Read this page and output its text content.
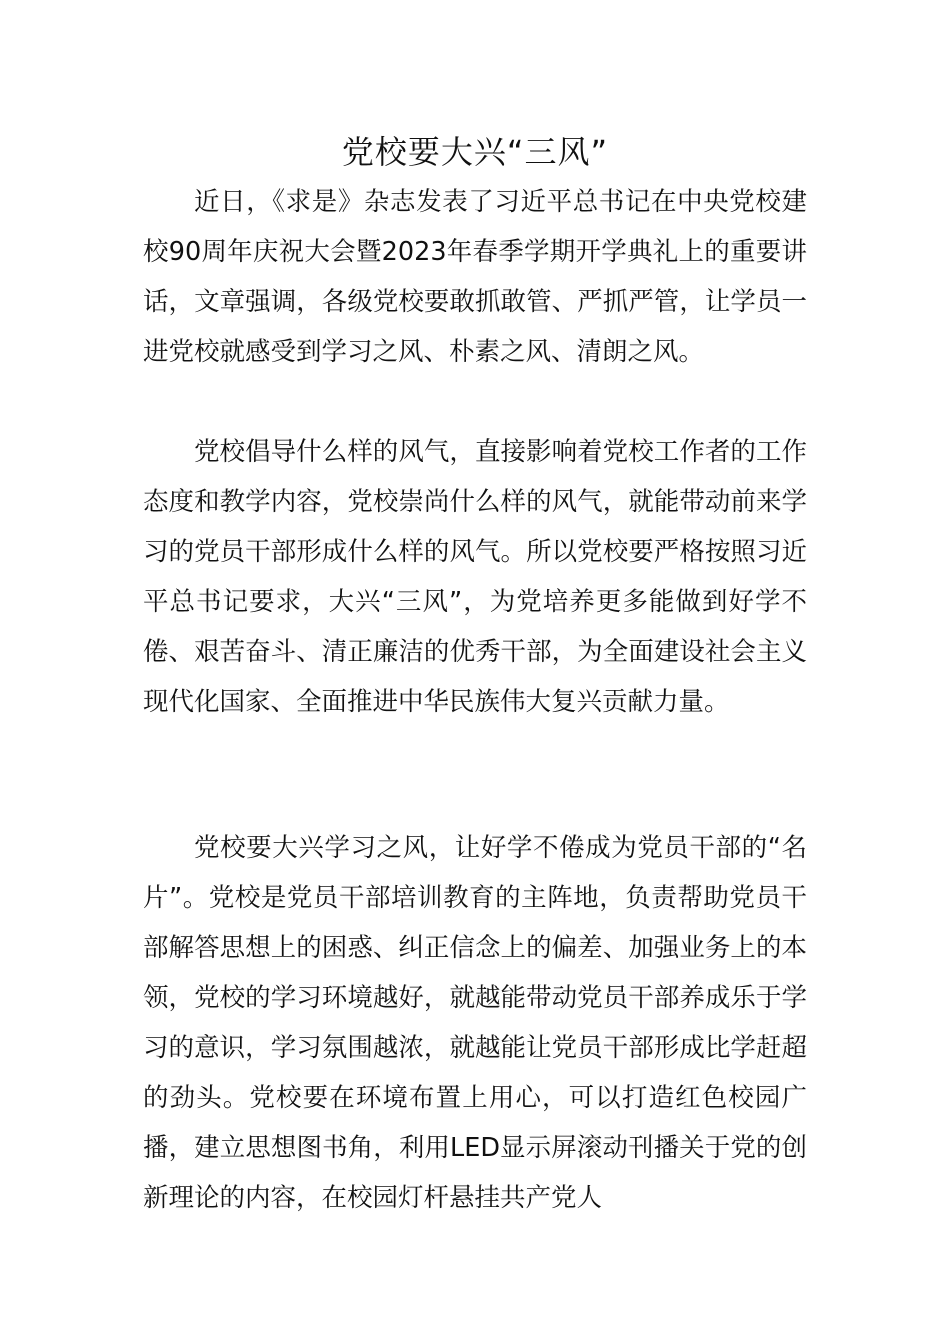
党校要大兴“三风”

近日，《求是》杂志发表了习近平总书记在中央党校建校90周年庆祝大会暨2023年春季学期开学典礼上的重要讲话，文章强调，各级党校要敢抓敢管、严抓严管，让学员一进党校就感受到学习之风、朴素之风、清朗之风。

党校倡导什么样的风气，直接影响着党校工作者的工作态度和教学内容，党校崇尚什么样的风气，就能带动前来学习的党员干部形成什么样的风气。所以党校要严格按照习近平总书记要求，大兴“三风”，为党培养更多能做到好学不倦、艰苦奋斗、清正廉洁的优秀干部，为全面建设社会主义现代化国家、全面推进中华民族伟大复兴贡献力量。

党校要大兴学习之风，让好学不倦成为党员干部的“名片”。党校是党员干部培训教育的主阵地，负责帮助党员干部解答思想上的困惑、纠正信念上的偏差、加强业务上的本领，党校的学习环境越好，就越能带动党员干部养成乐于学习的意识，学习氛围越浓，就越能让党员干部形成比学赶超的劲头。党校要在环境布置上用心，可以打造红色校园广播，建立思想图书角，利用LED显示屏滚动刊播关于党的创新理论的内容，在校园灯杆悬挂共产党人
